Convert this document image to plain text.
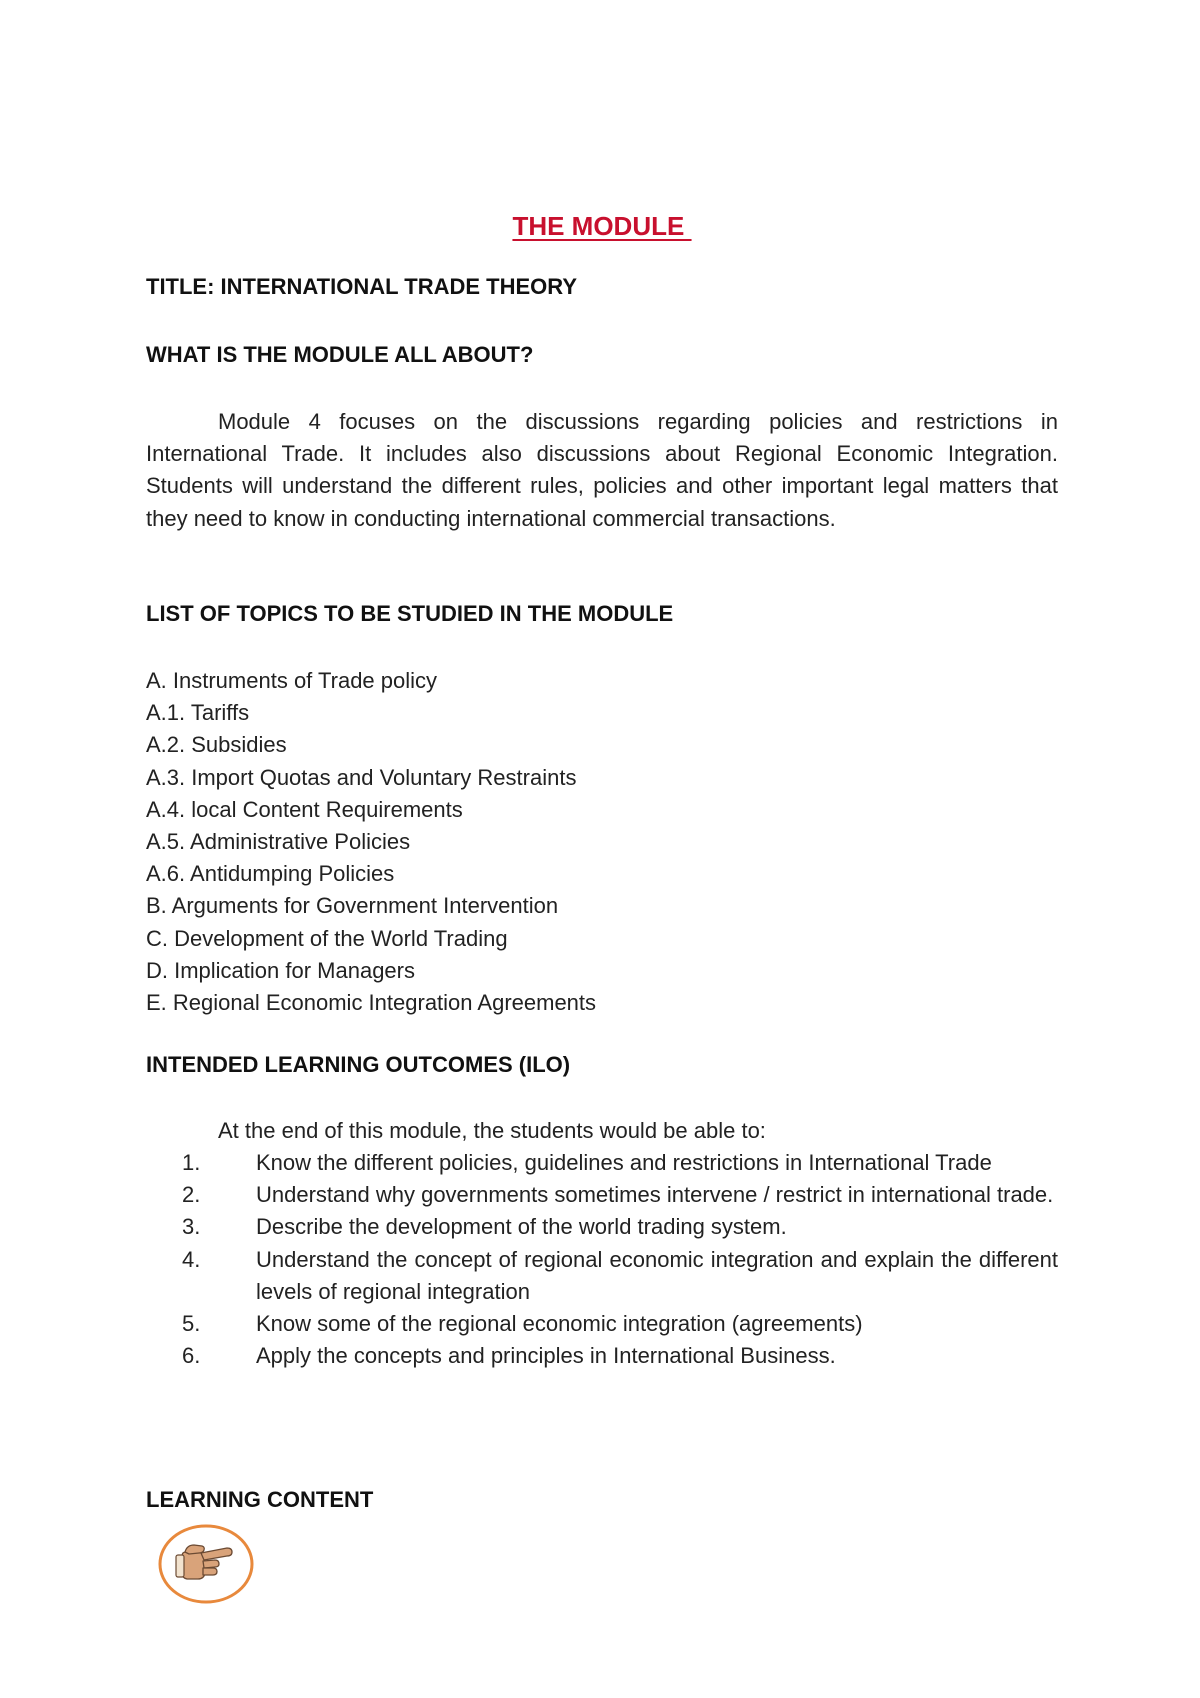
THE MODULE
TITLE: INTERNATIONAL TRADE THEORY
WHAT IS THE MODULE ALL ABOUT?

Module 4 focuses on the discussions regarding policies and restrictions in International Trade. It includes also discussions about Regional Economic Integration. Students will understand the different rules, policies and other important legal matters that they need to know in conducting international commercial transactions.

LIST OF TOPICS TO BE STUDIED IN THE MODULE
A. Instruments of Trade policy
A.1. Tariffs
A.2. Subsidies
A.3. Import Quotas and Voluntary Restraints
A.4. local Content Requirements
A.5. Administrative Policies
A.6. Antidumping Policies
B. Arguments for Government Intervention
C. Development of the World Trading
D. Implication for Managers
E. Regional Economic Integration Agreements
INTENDED LEARNING OUTCOMES (ILO)

At the end of this module, the students would be able to:

1.	Know the different policies, guidelines and restrictions in International Trade
2.	Understand why governments sometimes intervene / restrict in international trade.
3.	Describe the development of the world trading system.
4.	Understand the concept of regional economic integration and explain the different levels of regional integration
5.	Know some of the regional economic integration (agreements)
6.	Apply the concepts and principles in International Business.
LEARNING CONTENT
